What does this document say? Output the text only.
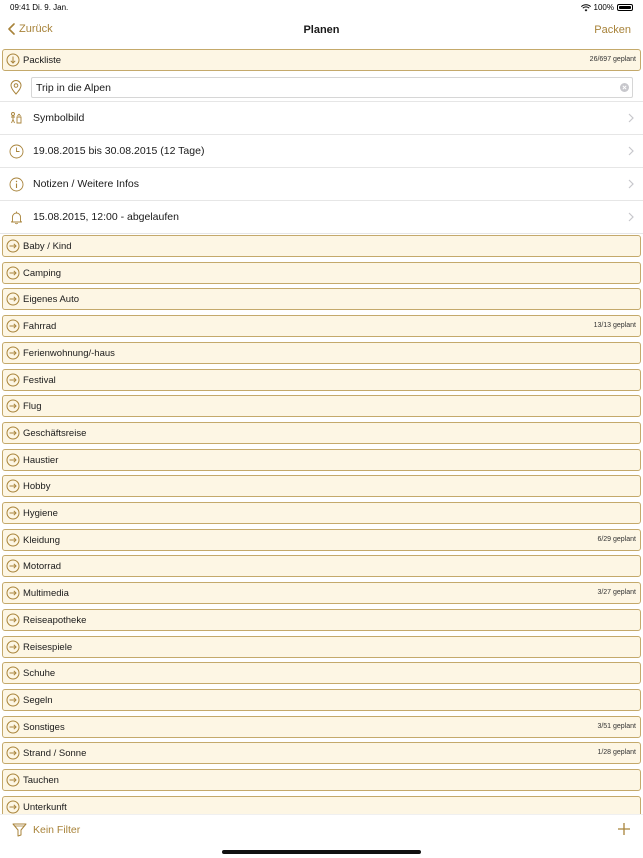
09:41 Di. 9. Jan.	100%
Zurück	Planen	Packen
Packliste	26/697 geplant
Trip in die Alpen
Symbolbild
19.08.2015 bis 30.08.2015 (12 Tage)
Notizen / Weitere Infos
15.08.2015, 12:00 - abgelaufen
Baby / Kind
Camping
Eigenes Auto
Fahrrad	13/13 geplant
Ferienwohnung/-haus
Festival
Flug
Geschäftsreise
Haustier
Hobby
Hygiene
Kleidung	6/29 geplant
Motorrad
Multimedia	3/27 geplant
Reiseapotheke
Reisespiele
Schuhe
Segeln
Sonstiges	3/51 geplant
Strand / Sonne	1/28 geplant
Tauchen
Unterkunft
Kein Filter
